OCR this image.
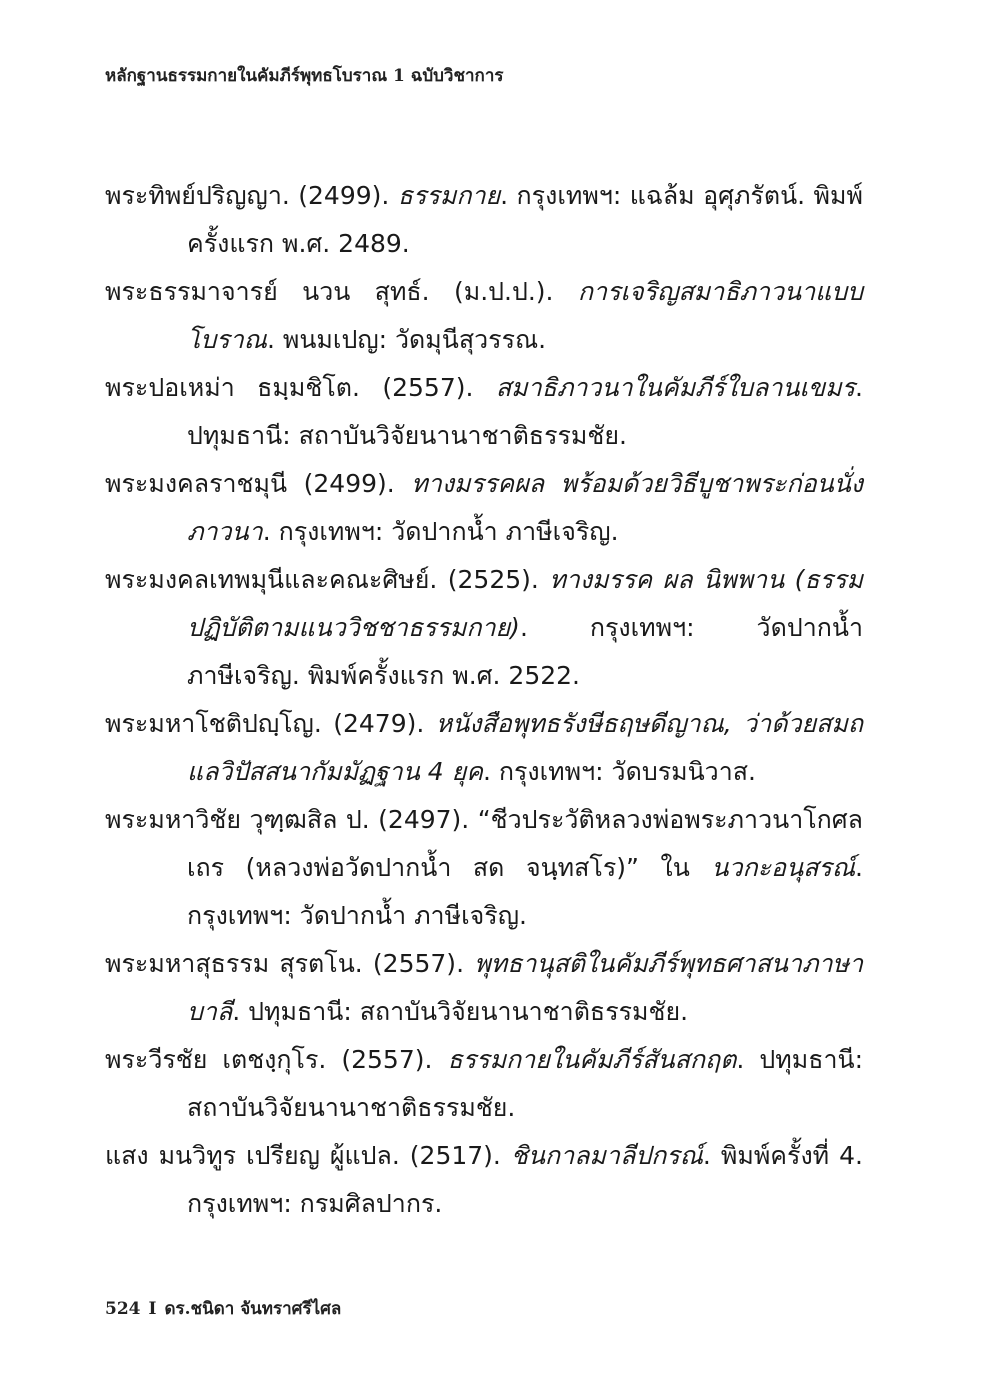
หลักฐานธรรมกายในคัมภีร์พุทธโบราณ 1 ฉบับวิชาการ

พระทิพย์ปริญญา. (2499). ธรรมกาย. กรุงเทพฯ: แฉล้ม อุศุภรัตน์. พิมพ์ครั้งแรก พ.ศ. 2489.

พระธรรมาจารย์ นวน สุทธ์. (ม.ป.ป.). การเจริญสมาธิภาวนาแบบโบราณ. พนมเปญ: วัดมุนีสุวรรณ.

พระปอเหม่า ธมฺมชิโต. (2557). สมาธิภาวนาในคัมภีร์ใบลานเขมร. ปทุมธานี: สถาบันวิจัยนานาชาติธรรมชัย.

พระมงคลราชมุนี (2499). ทางมรรคผล พร้อมด้วยวิธีบูชาพระก่อนนั่งภาวนา. กรุงเทพฯ: วัดปากน้ำ ภาษีเจริญ.

พระมงคลเทพมุนีและคณะศิษย์. (2525). ทางมรรค ผล นิพพาน (ธรรมปฏิบัติตามแนววิชชาธรรมกาย). กรุงเทพฯ: วัดปากน้ำ ภาษีเจริญ. พิมพ์ครั้งแรก พ.ศ. 2522.

พระมหาโชติปญฺโญ. (2479). หนังสือพุทธรังษีธฤษดีญาณ, ว่าด้วยสมถแลวิปัสสนากัมมัฏฐาน 4 ยุค. กรุงเทพฯ: วัดบรมนิวาส.

พระมหาวิชัย วุฑฺฒสิล ป. (2497). “ชีวประวัติหลวงพ่อพระภาวนาโกศลเถร (หลวงพ่อวัดปากน้ำ สด จนฺทสโร)” ใน นวกะอนุสรณ์. กรุงเทพฯ: วัดปากน้ำ ภาษีเจริญ.

พระมหาสุธรรม สุรตโน. (2557). พุทธานุสติในคัมภีร์พุทธศาสนาภาษาบาลี. ปทุมธานี: สถาบันวิจัยนานาชาติธรรมชัย.

พระวีรชัย เตชงฺกุโร. (2557). ธรรมกายในคัมภีร์สันสกฤต. ปทุมธานี: สถาบันวิจัยนานาชาติธรรมชัย.

แสง มนวิทูร เปรียญ ผู้แปล. (2517). ชินกาลมาลีปกรณ์. พิมพ์ครั้งที่ 4. กรุงเทพฯ: กรมศิลปากร.

524 I ดร.ชนิดา จันทราศรีไศล
